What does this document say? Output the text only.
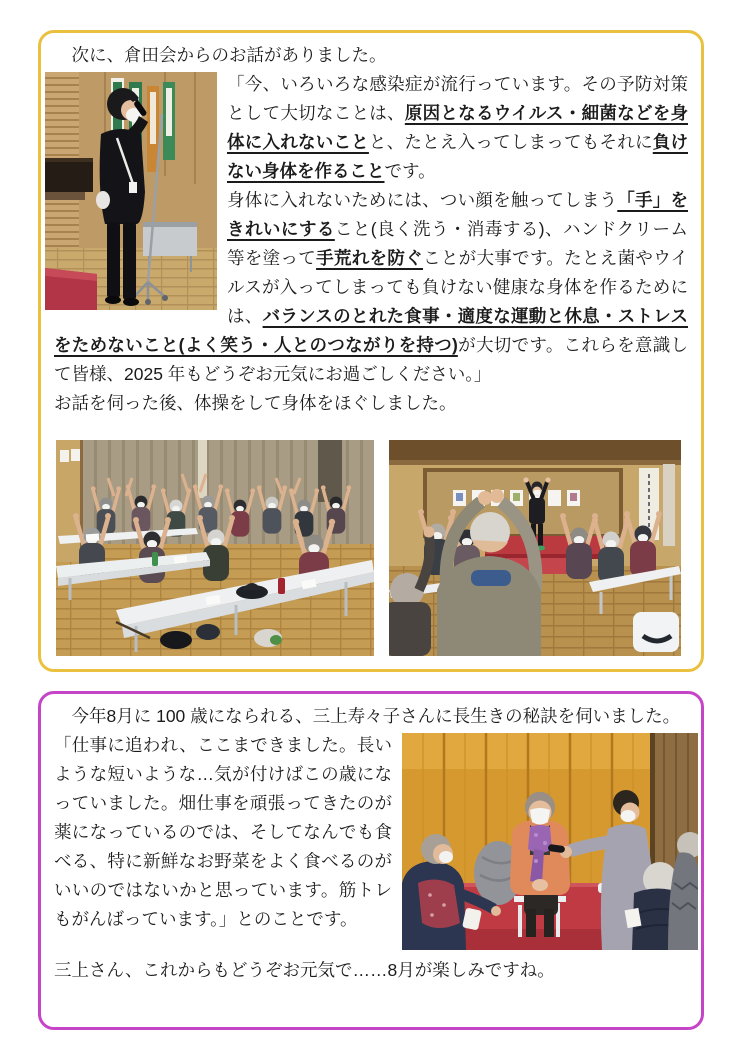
　次に、倉田会からのお話がありました。

「今、いろいろな感染症が流行っています。その予防対策として大切なことは、原因となるウイルス・細菌などを身体に入れないことと、たとえ入ってしまってもそれに負けない身体を作ることです。

身体に入れないためには、つい顔を触ってしまう「手」をきれいにすること(良く洗う・消毒する)、ハンドクリーム等を塗って手荒れを防ぐことが大事です。たとえ菌やウイルスが入ってしまっても負けない健康な身体を作るためには、バランスのとれた食事・適度な運動と休息・ストレスをためないこと(よく笑う・人とのつながりを持つ)が大切です。これらを意識して皆様、2025 年もどうぞお元気にお過ごしください。」

お話を伺った後、体操をして身体をほぐしました。

　今年8月に 100 歳になられる、三上寿々子さんに長生きの秘訣を伺いました。

「仕事に追われ、ここまできました。長いような短いような…気が付けばこの歳になっていました。畑仕事を頑張ってきたのが薬になっているのでは、そしてなんでも食べる、特に新鮮なお野菜をよく食べるのがいいのではないかと思っています。筋トレもがんばっています。」とのことです。

三上さん、これからもどうぞお元気で……8月が楽しみですね。
